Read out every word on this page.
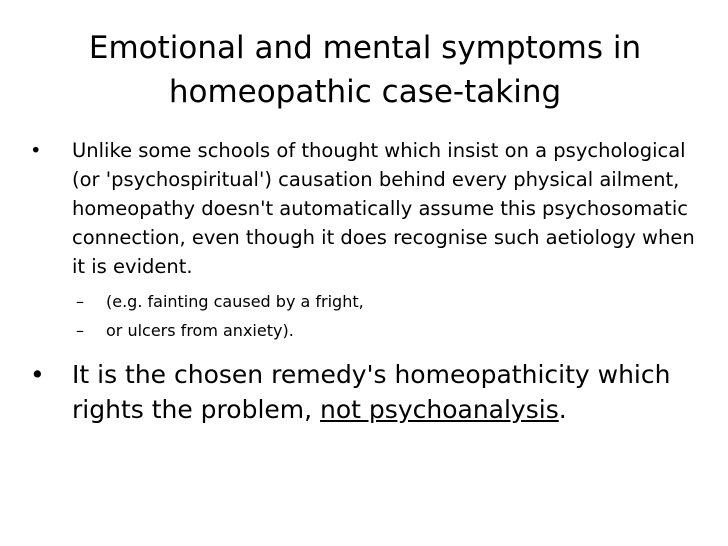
Emotional and mental symptoms in
homeopathic case-taking
•	Unlike some schools of thought which insist on a psychological (or 'psychospiritual') causation behind every physical ailment, homeopathy doesn't automatically assume this psychosomatic connection, even though it does recognise such aetiology when it is evident.
– (e.g. fainting caused by a fright,
– or ulcers from anxiety).
•	It is the chosen remedy's homeopathicity which rights the problem, not psychoanalysis.
